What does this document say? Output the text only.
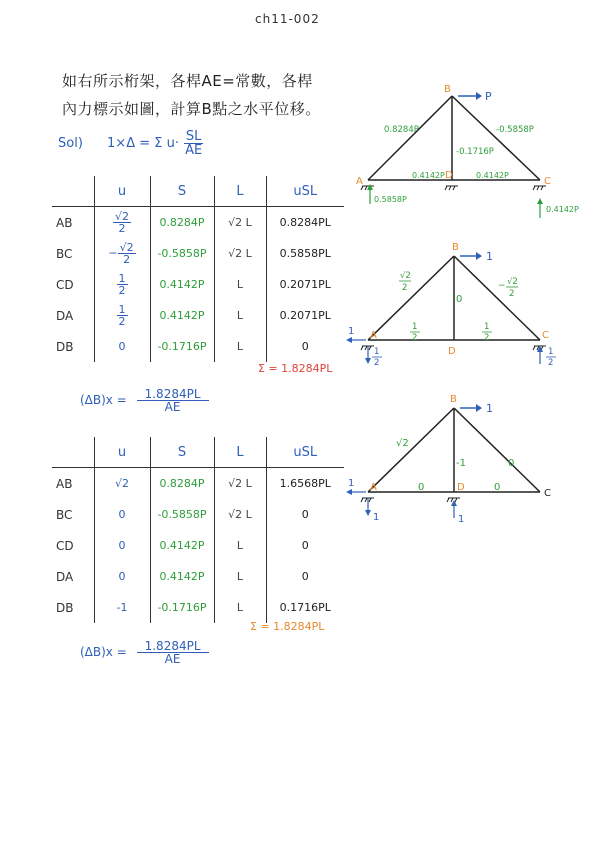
ch11-002
如右所示桁架，各桿AE=常數，各桿
內力標示如圖，計算B點之水平位移。
Sol) 1×Δ = Σ $u\cdot \frac{SL}{AE}$
	u	S	L	uSL
AB	$\frac{√2}{2}$	0.8284P	√2 L	0.8284PL
BC	− $\frac{√2}{2}$	-0.5858P	√2 L	0.5858PL
CD	$\frac{1}{2}$	0.4142P	L	0.2071PL
DA	$\frac{1}{2}$	0.4142P	L	0.2071PL
DB	0	-0.1716P	L	0
Σ = 1.8284PL
$(\Delta B)x = \frac{1.8284PL}{AE}$
	u	S	L	uSL
AB	√2	0.8284P	√2 L	1.6568PL
BC	0	-0.5858P	√2 L	0
CD	0	0.4142P	L	0
DA	0	0.4142P	L	0
DB	-1	-0.1716P	L	0.1716PL
Σ = 1.8284PL
$(\Delta B)x = \frac{1.8284PL}{AE}$
B
A	C
D
P
0.8284P	-0.5858P
-0.1716P
0.4142P	0.4142P
0.5858P
0.4142P
B
A	C
D
1
√2
2	− √2
2
0
1
2
1
2
1
1
2
1
2
B
A
C
D
1
√2
0
-1
0	0
1
1	1
